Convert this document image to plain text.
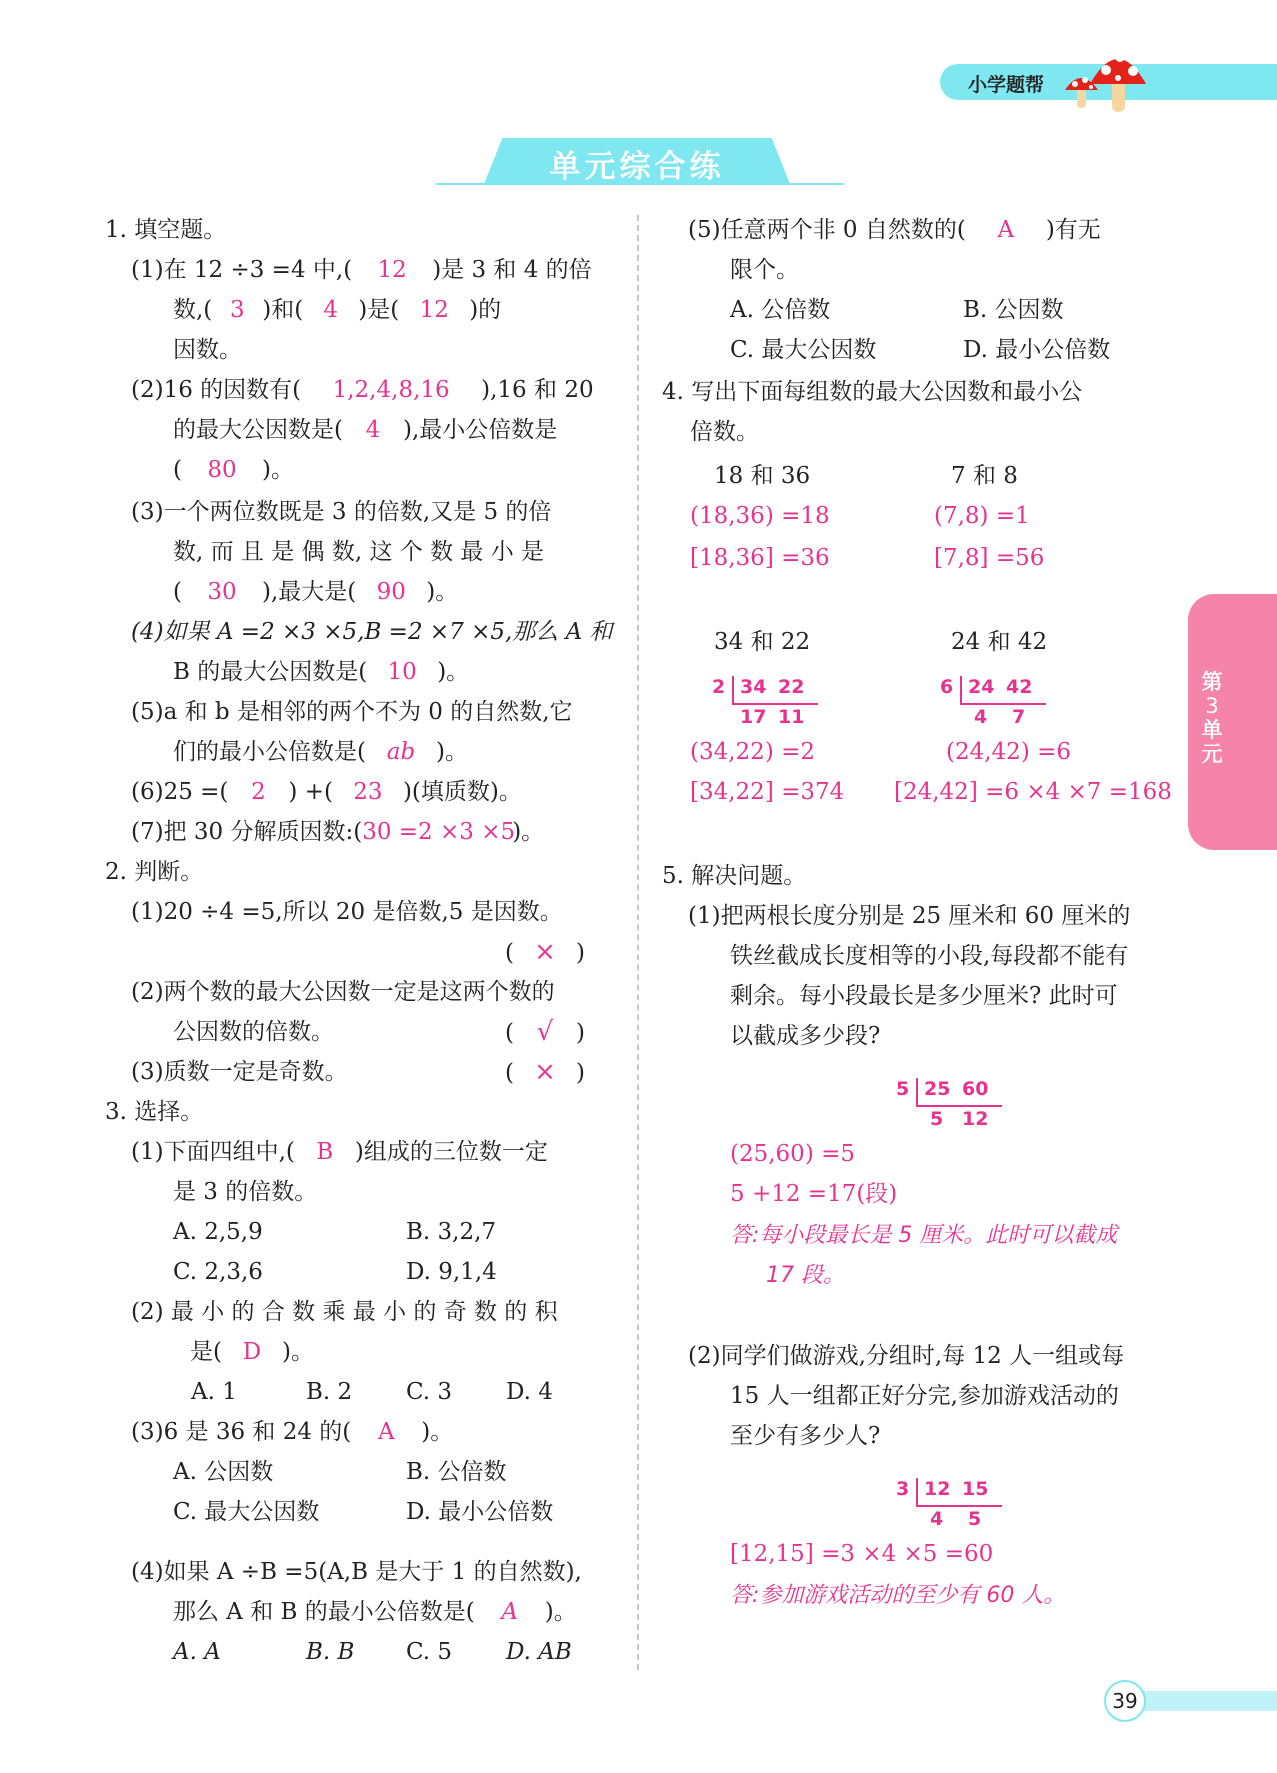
小学题帮
单元综合练
第
3
单
元
39
1. 填空题。
(1)在 12 ÷3 =4 中,( 12 )是 3 和 4 的倍
数,( 3 )和( 4 )是( 12 )的
因数。
(2)16 的因数有( 1,2,4,8,16 ),16 和 20
的最大公因数是( 4 ),最小公倍数是
( 80 )。
(3)一个两位数既是 3 的倍数,又是 5 的倍
数, 而 且 是 偶 数, 这 个 数 最 小 是
( 30 ),最大是( 90 )。
(4)如果 A =2 ×3 ×5,B =2 ×7 ×5,那么 A 和
B 的最大公因数是( 10 )。
(5)a 和 b 是相邻的两个不为 0 的自然数,它
们的最小公倍数是( ab )。
(6)25 =( 2 ) +( 23 )(填质数)。
(7)把 30 分解质因数:(30 =2 ×3 ×5)。
2. 判断。
(1)20 ÷4 =5,所以 20 是倍数,5 是因数。
( × )
(2)两个数的最大公因数一定是这两个数的
公因数的倍数。	( √ )
(3)质数一定是奇数。	( × )
3. 选择。
(1)下面四组中,( B )组成的三位数一定
是 3 的倍数。
A. 2,5,9	B. 3,2,7
C. 2,3,6	D. 9,1,4
(2) 最 小 的 合 数 乘 最 小 的 奇 数 的 积
是( D )。
A. 1	B. 2 C. 3 D. 4
(3)6 是 36 和 24 的( A )。
A. 公因数	B. 公倍数
C. 最大公因数	D. 最小公倍数
(4)如果 A ÷B =5(A,B 是大于 1 的自然数),
那么 A 和 B 的最小公倍数是( A )。
A. A	B. B C. 5 D. AB
(5)任意两个非 0 自然数的( A )有无
限个。
A. 公倍数	B. 公因数
C. 最大公因数	D. 最小公倍数
4. 写出下面每组数的最大公因数和最小公
倍数。
18 和 36	7 和 8
(18,36) =18	(7,8) =1
[18,36] =36	[7,8] =56
34 和 22	24 和 42
2 34 22
17 11
6 24 42
4 7
(34,22) =2	(24,42) =6
[34,22] =374 [24,42] =6 ×4 ×7 =168
5. 解决问题。
(1)把两根长度分别是 25 厘米和 60 厘米的
铁丝截成长度相等的小段,每段都不能有
剩余。每小段最长是多少厘米? 此时可
以截成多少段?
5 25 60
5 12
(25,60) =5
5 +12 =17(段)
答:每小段最长是 5 厘米。此时可以截成
17 段。
(2)同学们做游戏,分组时,每 12 人一组或每
15 人一组都正好分完,参加游戏活动的
至少有多少人?
3 12 15
4 5
[12,15] =3 ×4 ×5 =60
答:参加游戏活动的至少有 60 人。
